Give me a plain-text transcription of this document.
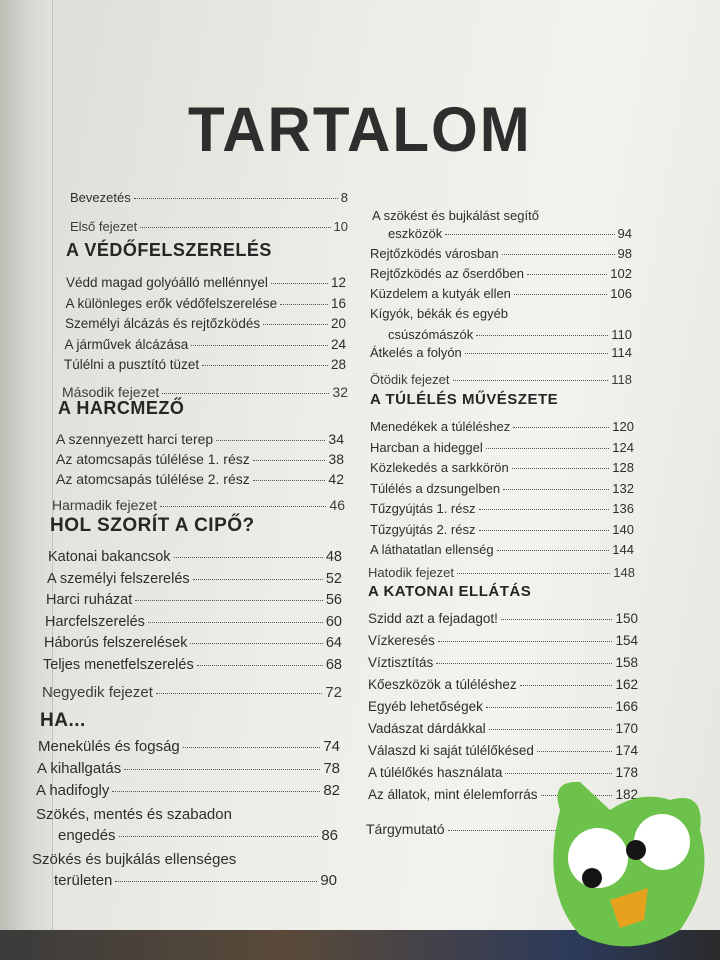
TARTALOM
Bevezetés	8
Első fejezet	10
A VÉDŐFELSZERELÉS
Védd magad golyóálló mellénnyel	12
A különleges erők védőfelszerelése	16
Személyi álcázás és rejtőzködés	20
A járművek álcázása	24
Túlélni a pusztító tüzet	28
Második fejezet	32
A HARCMEZŐ
A szennyezett harci terep	34
Az atomcsapás túlélése 1. rész	38
Az atomcsapás túlélése 2. rész	42
Harmadik fejezet	46
HOL SZORÍT A CIPŐ?
Katonai bakancsok	48
A személyi felszerelés	52
Harci ruházat	56
Harcfelszerelés	60
Háborús felszerelések	64
Teljes menetfelszerelés	68
Negyedik fejezet	72
HA...
Menekülés és fogság	74
A kihallgatás	78
A hadifogly	82
Szökés, mentés és szabadon
engedés	86
Szökés és bujkálás ellenséges
területen	90
A szökést és bujkálást segítő
eszközök	94
Rejtőzködés városban	98
Rejtőzködés az őserdőben	102
Küzdelem a kutyák ellen	106
Kígyók, békák és egyéb
csúszómászók	110
Átkelés a folyón	114
Ötödik fejezet	118
A TÚLÉLÉS MŰVÉSZETE
Menedékek a túléléshez	120
Harcban a hideggel	124
Közlekedés a sarkkörön	128
Túlélés a dzsungelben	132
Tűzgyújtás 1. rész	136
Tűzgyújtás 2. rész	140
A láthatatlan ellenség	144
Hatodik fejezet	148
A KATONAI ELLÁTÁS
Szidd azt a fejadagot!	150
Vízkeresés	154
Víztisztítás	158
Kőeszközök a túléléshez	162
Egyéb lehetőségek	166
Vadászat dárdákkal	170
Válaszd ki saját túlélőkésed	174
A túlélőkés használata	178
Az állatok, mint élelemforrás	182
Tárgymutató
